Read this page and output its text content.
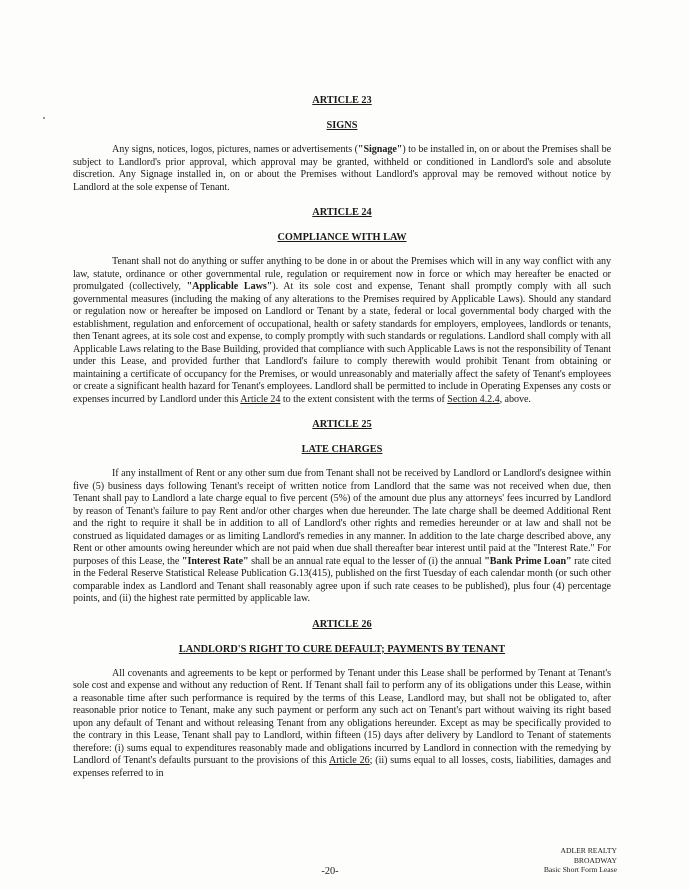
ARTICLE 23

SIGNS

Any signs, notices, logos, pictures, names or advertisements ("Signage") to be installed in, on or about the Premises shall be subject to Landlord's prior approval, which approval may be granted, withheld or conditioned in Landlord's sole and absolute discretion. Any Signage installed in, on or about the Premises without Landlord's approval may be removed without notice by Landlord at the sole expense of Tenant.

ARTICLE 24

COMPLIANCE WITH LAW

Tenant shall not do anything or suffer anything to be done in or about the Premises which will in any way conflict with any law, statute, ordinance or other governmental rule, regulation or requirement now in force or which may hereafter be enacted or promulgated (collectively, "Applicable Laws"). At its sole cost and expense, Tenant shall promptly comply with all such governmental measures (including the making of any alterations to the Premises required by Applicable Laws). Should any standard or regulation now or hereafter be imposed on Landlord or Tenant by a state, federal or local governmental body charged with the establishment, regulation and enforcement of occupational, health or safety standards for employers, employees, landlords or tenants, then Tenant agrees, at its sole cost and expense, to comply promptly with such standards or regulations. Landlord shall comply with all Applicable Laws relating to the Base Building, provided that compliance with such Applicable Laws is not the responsibility of Tenant under this Lease, and provided further that Landlord's failure to comply therewith would prohibit Tenant from obtaining or maintaining a certificate of occupancy for the Premises, or would unreasonably and materially affect the safety of Tenant's employees or create a significant health hazard for Tenant's employees. Landlord shall be permitted to include in Operating Expenses any costs or expenses incurred by Landlord under this Article 24 to the extent consistent with the terms of Section 4.2.4, above.

ARTICLE 25

LATE CHARGES

If any installment of Rent or any other sum due from Tenant shall not be received by Landlord or Landlord's designee within five (5) business days following Tenant's receipt of written notice from Landlord that the same was not received when due, then Tenant shall pay to Landlord a late charge equal to five percent (5%) of the amount due plus any attorneys' fees incurred by Landlord by reason of Tenant's failure to pay Rent and/or other charges when due hereunder. The late charge shall be deemed Additional Rent and the right to require it shall be in addition to all of Landlord's other rights and remedies hereunder or at law and shall not be construed as liquidated damages or as limiting Landlord's remedies in any manner. In addition to the late charge described above, any Rent or other amounts owing hereunder which are not paid when due shall thereafter bear interest until paid at the "Interest Rate." For purposes of this Lease, the "Interest Rate" shall be an annual rate equal to the lesser of (i) the annual "Bank Prime Loan" rate cited in the Federal Reserve Statistical Release Publication G.13(415), published on the first Tuesday of each calendar month (or such other comparable index as Landlord and Tenant shall reasonably agree upon if such rate ceases to be published), plus four (4) percentage points, and (ii) the highest rate permitted by applicable law.

ARTICLE 26

LANDLORD'S RIGHT TO CURE DEFAULT; PAYMENTS BY TENANT

All covenants and agreements to be kept or performed by Tenant under this Lease shall be performed by Tenant at Tenant's sole cost and expense and without any reduction of Rent. If Tenant shall fail to perform any of its obligations under this Lease, within a reasonable time after such performance is required by the terms of this Lease, Landlord may, but shall not be obligated to, after reasonable prior notice to Tenant, make any such payment or perform any such act on Tenant's part without waiving its right based upon any default of Tenant and without releasing Tenant from any obligations hereunder. Except as may be specifically provided to the contrary in this Lease, Tenant shall pay to Landlord, within fifteen (15) days after delivery by Landlord to Tenant of statements therefore: (i) sums equal to expenditures reasonably made and obligations incurred by Landlord in connection with the remedying by Landlord of Tenant's defaults pursuant to the provisions of this Article 26; (ii) sums equal to all losses, costs, liabilities, damages and expenses referred to in

-20-
ADLER REALTY
BROADWAY
Basic Short Form Lease
